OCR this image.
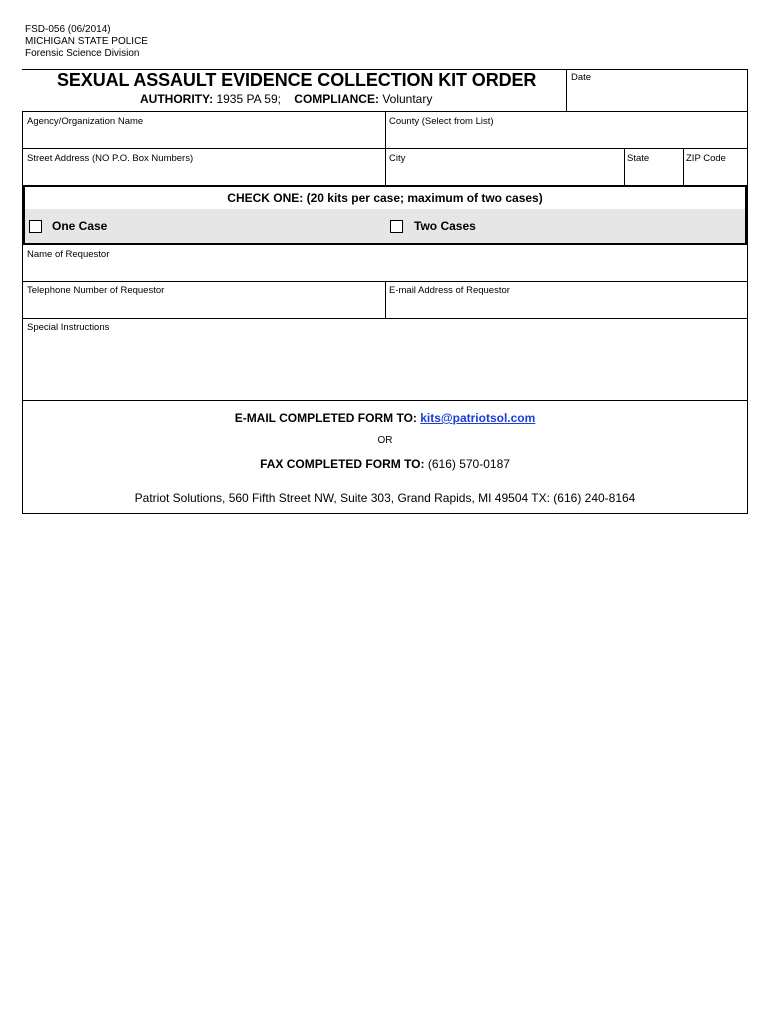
FSD-056 (06/2014)
MICHIGAN STATE POLICE
Forensic Science Division
SEXUAL ASSAULT EVIDENCE COLLECTION KIT ORDER
AUTHORITY: 1935 PA 59; COMPLIANCE: Voluntary
Date
Agency/Organization Name	County (Select from List)
Street Address (NO P.O. Box Numbers)	City	State	ZIP Code
CHECK ONE: (20 kits per case; maximum of two cases)
One Case	Two Cases
Name of Requestor
Telephone Number of Requestor	E-mail Address of Requestor
Special Instructions
E-MAIL COMPLETED FORM TO: kits@patriotsol.com
OR
FAX COMPLETED FORM TO: (616) 570-0187
Patriot Solutions, 560 Fifth Street NW, Suite 303, Grand Rapids, MI 49504 TX: (616) 240-8164
